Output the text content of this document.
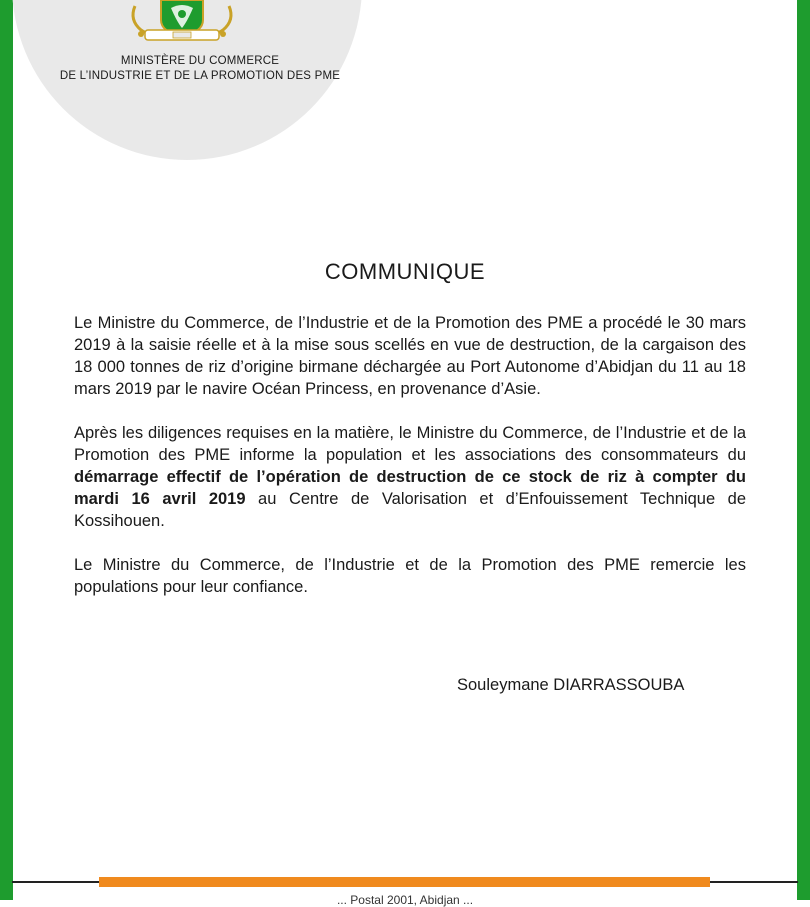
MINISTÈRE DU COMMERCE
DE L’INDUSTRIE ET DE LA PROMOTION DES PME
COMMUNIQUE

Le Ministre du Commerce, de l’Industrie et de la Promotion des PME a procédé le 30 mars 2019 à la saisie réelle et à la mise sous scellés en vue de destruction, de la cargaison des 18 000 tonnes de riz d’origine birmane déchargée au Port Autonome d’Abidjan du 11 au 18 mars 2019 par le navire Océan Princess, en provenance d’Asie.

Après les diligences requises en la matière, le Ministre du Commerce, de l’Industrie et de la Promotion des PME informe la population et les associations des consommateurs du démarrage effectif de l’opération de destruction de ce stock de riz à compter du mardi 16 avril 2019 au Centre de Valorisation et d’Enfouissement Technique de Kossihouen.

Le Ministre du Commerce, de l’Industrie et de la Promotion des PME remercie les populations pour leur confiance.

Souleymane DIARRASSOUBA
... Postal 2001, Abidjan ...
